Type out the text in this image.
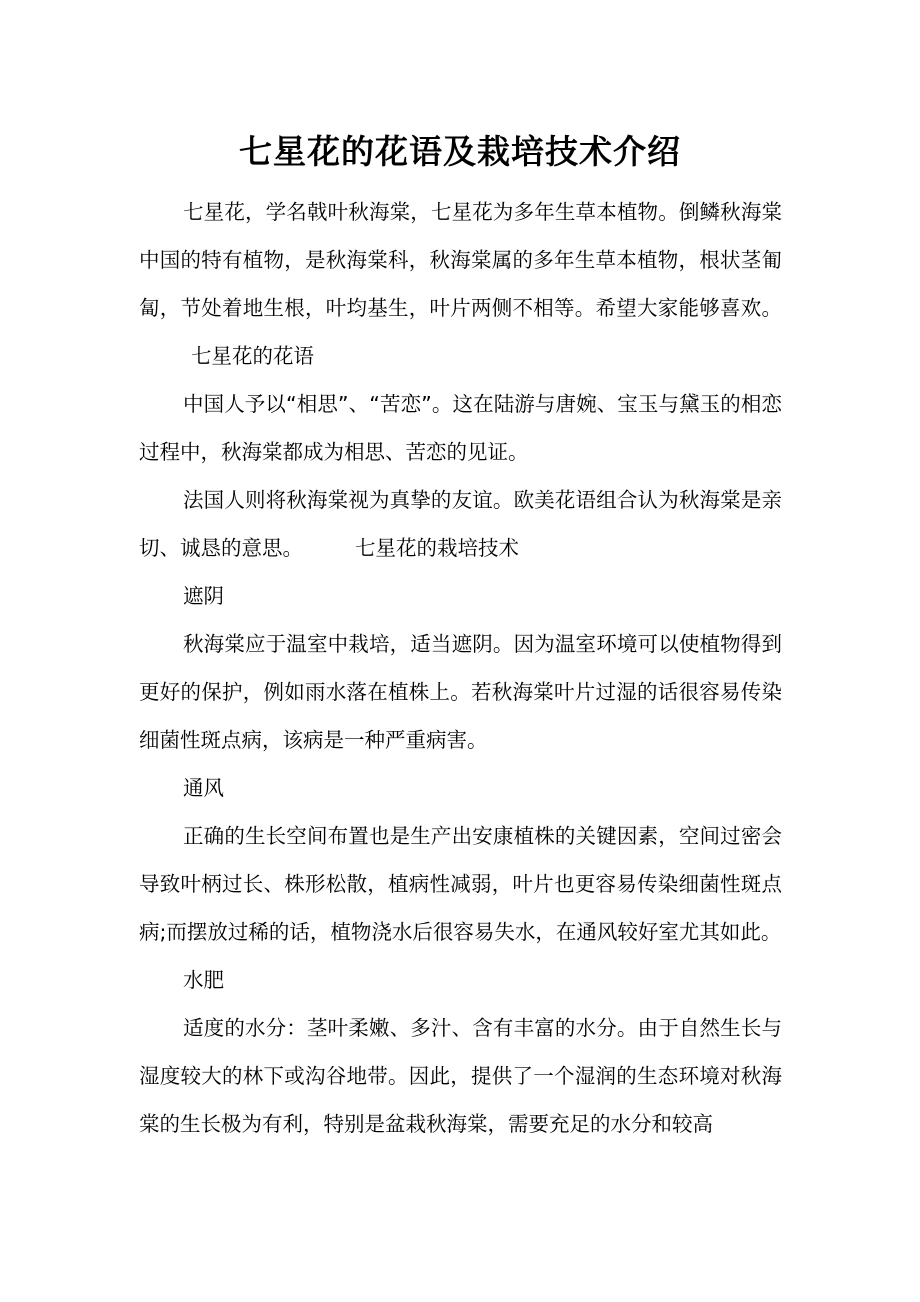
七星花的花语及栽培技术介绍

七星花，学名戟叶秋海棠，七星花为多年生草本植物。倒鳞秋海棠中国的特有植物，是秋海棠科，秋海棠属的多年生草本植物，根状茎匍匐，节处着地生根，叶均基生，叶片两侧不相等。希望大家能够喜欢。七星花的花语

中国人予以“相思”、“苦恋”。这在陆游与唐婉、宝玉与黛玉的相恋过程中，秋海棠都成为相思、苦恋的见证。

法国人则将秋海棠视为真挚的友谊。欧美花语组合认为秋海棠是亲切、诚恳的意思。	七星花的栽培技术

遮阴

秋海棠应于温室中栽培，适当遮阴。因为温室环境可以使植物得到更好的保护，例如雨水落在植株上。若秋海棠叶片过湿的话很容易传染细菌性斑点病，该病是一种严重病害。

通风

正确的生长空间布置也是生产出安康植株的关键因素，空间过密会导致叶柄过长、株形松散，植病性减弱，叶片也更容易传染细菌性斑点病;而摆放过稀的话，植物浇水后很容易失水，在通风较好室尤其如此。

水肥

适度的水分：茎叶柔嫩、多汁、含有丰富的水分。由于自然生长与湿度较大的林下或沟谷地带。因此，提供了一个湿润的生态环境对秋海棠的生长极为有利，特别是盆栽秋海棠，需要充足的水分和较高
